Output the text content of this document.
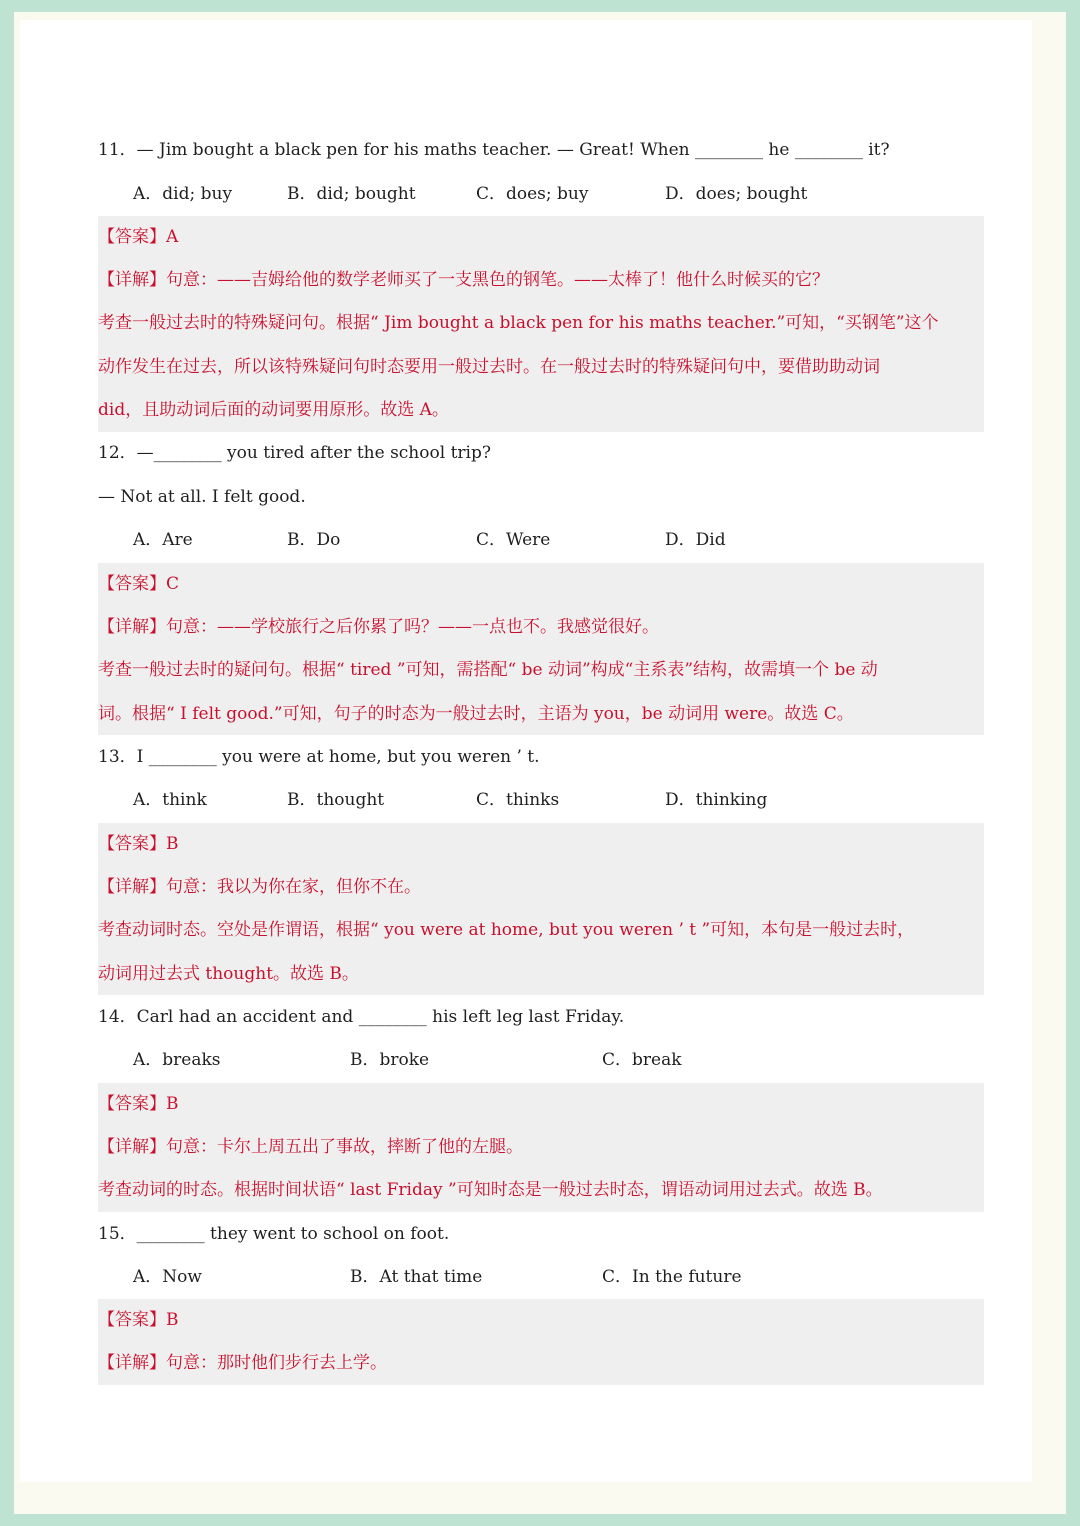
11．— Jim bought a black pen for his maths teacher. — Great! When ________ he ________ it?
A．did; buy	B．did; bought	C．does; buy	D．does; bought
【答案】A
【详解】句意：——吉姆给他的数学老师买了一支黑色的钢笔。——太棒了！他什么时候买的它？
考查一般过去时的特殊疑问句。根据“ Jim bought a black pen for his maths teacher.”可知，“买钢笔”这个
动作发生在过去，所以该特殊疑问句时态要用一般过去时。在一般过去时的特殊疑问句中，要借助助动词
did，且助动词后面的动词要用原形。故选 A。
12．—________ you tired after the school trip?
— Not at all. I felt good.
A．Are	B．Do	C．Were	D．Did
【答案】C
【详解】句意：——学校旅行之后你累了吗？——一点也不。我感觉很好。
考查一般过去时的疑问句。根据“ tired ”可知，需搭配“ be 动词”构成“主系表”结构，故需填一个 be 动
词。根据“ I felt good.”可知，句子的时态为一般过去时，主语为 you，be 动词用 were。故选 C。
13．I ________ you were at home, but you weren ’ t.
A．think	B．thought	C．thinks	D．thinking
【答案】B
【详解】句意：我以为你在家，但你不在。
考查动词时态。空处是作谓语，根据“ you were at home, but you weren ’ t ”可知，本句是一般过去时，
动词用过去式 thought。故选 B。
14．Carl had an accident and ________ his left leg last Friday.
A．breaks	B．broke	C．break
【答案】B
【详解】句意：卡尔上周五出了事故，摔断了他的左腿。
考查动词的时态。根据时间状语“ last Friday ”可知时态是一般过去时态，谓语动词用过去式。故选 B。
15．________ they went to school on foot.
A．Now	B．At that time	C．In the future
【答案】B
【详解】句意：那时他们步行去上学。
